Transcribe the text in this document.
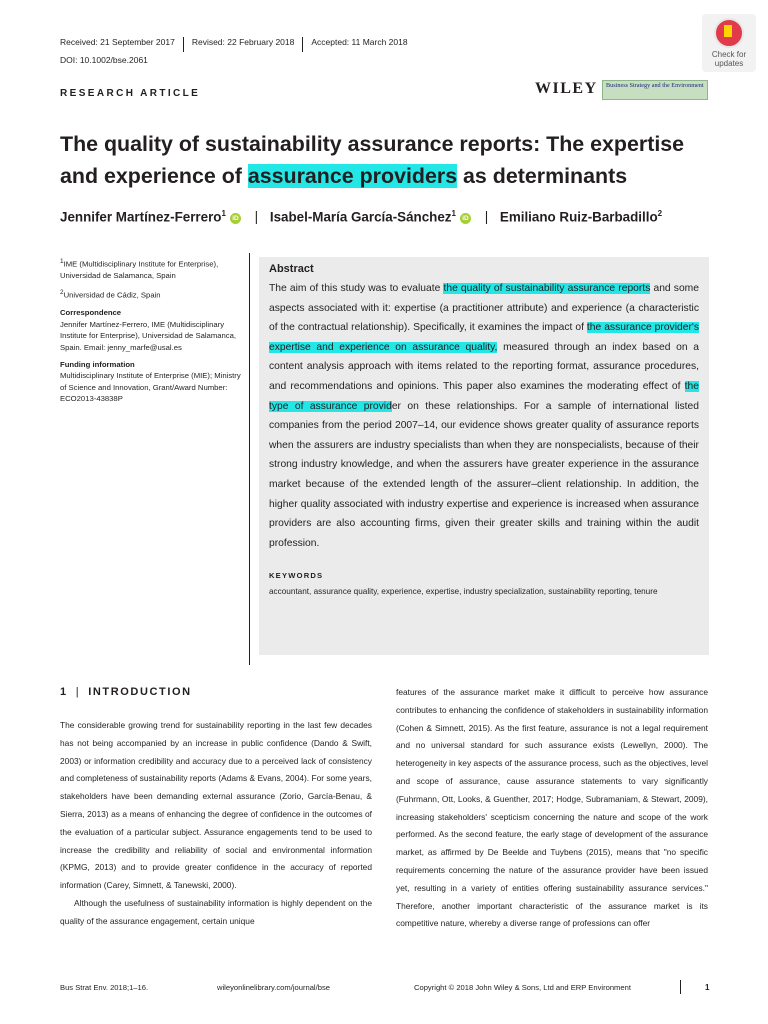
Received: 21 September 2017 Revised: 22 February 2018 Accepted: 11 March 2018
DOI: 10.1002/bse.2061
RESEARCH ARTICLE	WILEY	Business Strategy and the Environment
Check for updates
The quality of sustainability assurance reports: The expertise and experience of assurance providers as determinants
Jennifer Martínez-Ferrero$^1$iD | Isabel-María García-Sánchez$^1$iD | Emiliano Ruiz-Barbadillo$^2$

$^1$IME (Multidisciplinary Institute for Enterprise), Universidad de Salamanca, Spain

$^2$Universidad de Cádiz, Spain

Correspondence
Jennifer Martínez-Ferrero, IME (Multidisciplinary Institute for Enterprise), Universidad de Salamanca, Spain. Email: jenny_marfe@usal.es

Funding information
Multidisciplinary Institute of Enterprise (MIE); Ministry of Science and Innovation, Grant/Award Number: ECO2013-43838P

Abstract

The aim of this study was to evaluate the quality of sustainability assurance reports and some aspects associated with it: expertise (a practitioner attribute) and experience (a characteristic of the contractual relationship). Specifically, it examines the impact of the assurance provider's expertise and experience on assurance quality, measured through an index based on a content analysis approach with items related to the reporting format, assurance procedures, and recommendations and opinions. This paper also examines the moderating effect of the type of assurance provider on these relationships. For a sample of international listed companies from the period 2007–14, our evidence shows greater quality of assurance reports when the assurers are industry specialists than when they are nonspecialists, because of their strong industry knowledge, and when the assurers have greater experience in the assurance market because of the extended length of the assurer–client relationship. In addition, the higher quality associated with industry expertise and experience is increased when assurance providers are also accounting firms, given their greater skills and training within the audit profession.

KEYWORDS

accountant, assurance quality, experience, expertise, industry specialization, sustainability reporting, tenure

1 | INTRODUCTION

The considerable growing trend for sustainability reporting in the last few decades has not being accompanied by an increase in public confidence (Dando & Swift, 2003) or information credibility and accuracy due to a perceived lack of consistency and completeness of sustainability reports (Adams & Evans, 2004). For some years, stakeholders have been demanding external assurance (Zorio, García-Benau, & Sierra, 2013) as a means of enhancing the degree of confidence in the outcomes of the evaluation of a particular subject. Assurance engagements tend to be used to increase the credibility and reliability of social and environmental information (KPMG, 2013) and to provide greater confidence in the accuracy of reported information (Carey, Simnett, & Tanewski, 2000).

Although the usefulness of sustainability information is highly dependent on the quality of the assurance engagement, certain unique

features of the assurance market make it difficult to perceive how assurance contributes to enhancing the confidence of stakeholders in sustainability information (Cohen & Simnett, 2015). As the first feature, assurance is not a legal requirement and no universal standard for such assurance exists (Lewellyn, 2000). The heterogeneity in key aspects of the assurance process, such as the objectives, level and scope of assurance, cause assurance statements to vary significantly (Fuhrmann, Ott, Looks, & Guenther, 2017; Hodge, Subramaniam, & Stewart, 2009), increasing stakeholders' scepticism concerning the nature and scope of the work performed. As the second feature, the early stage of development of the assurance market, as affirmed by De Beelde and Tuybens (2015), means that "no specific requirements concerning the nature of the assurance provider have been issued yet, resulting in a variety of entities offering sustainability assurance services." Therefore, another important characteristic of the assurance market is its competitive nature, whereby a diverse range of professions can offer

Bus Strat Env. 2018;1–16.	wileyonlinelibrary.com/journal/bse	Copyright © 2018 John Wiley & Sons, Ltd and ERP Environment	1
